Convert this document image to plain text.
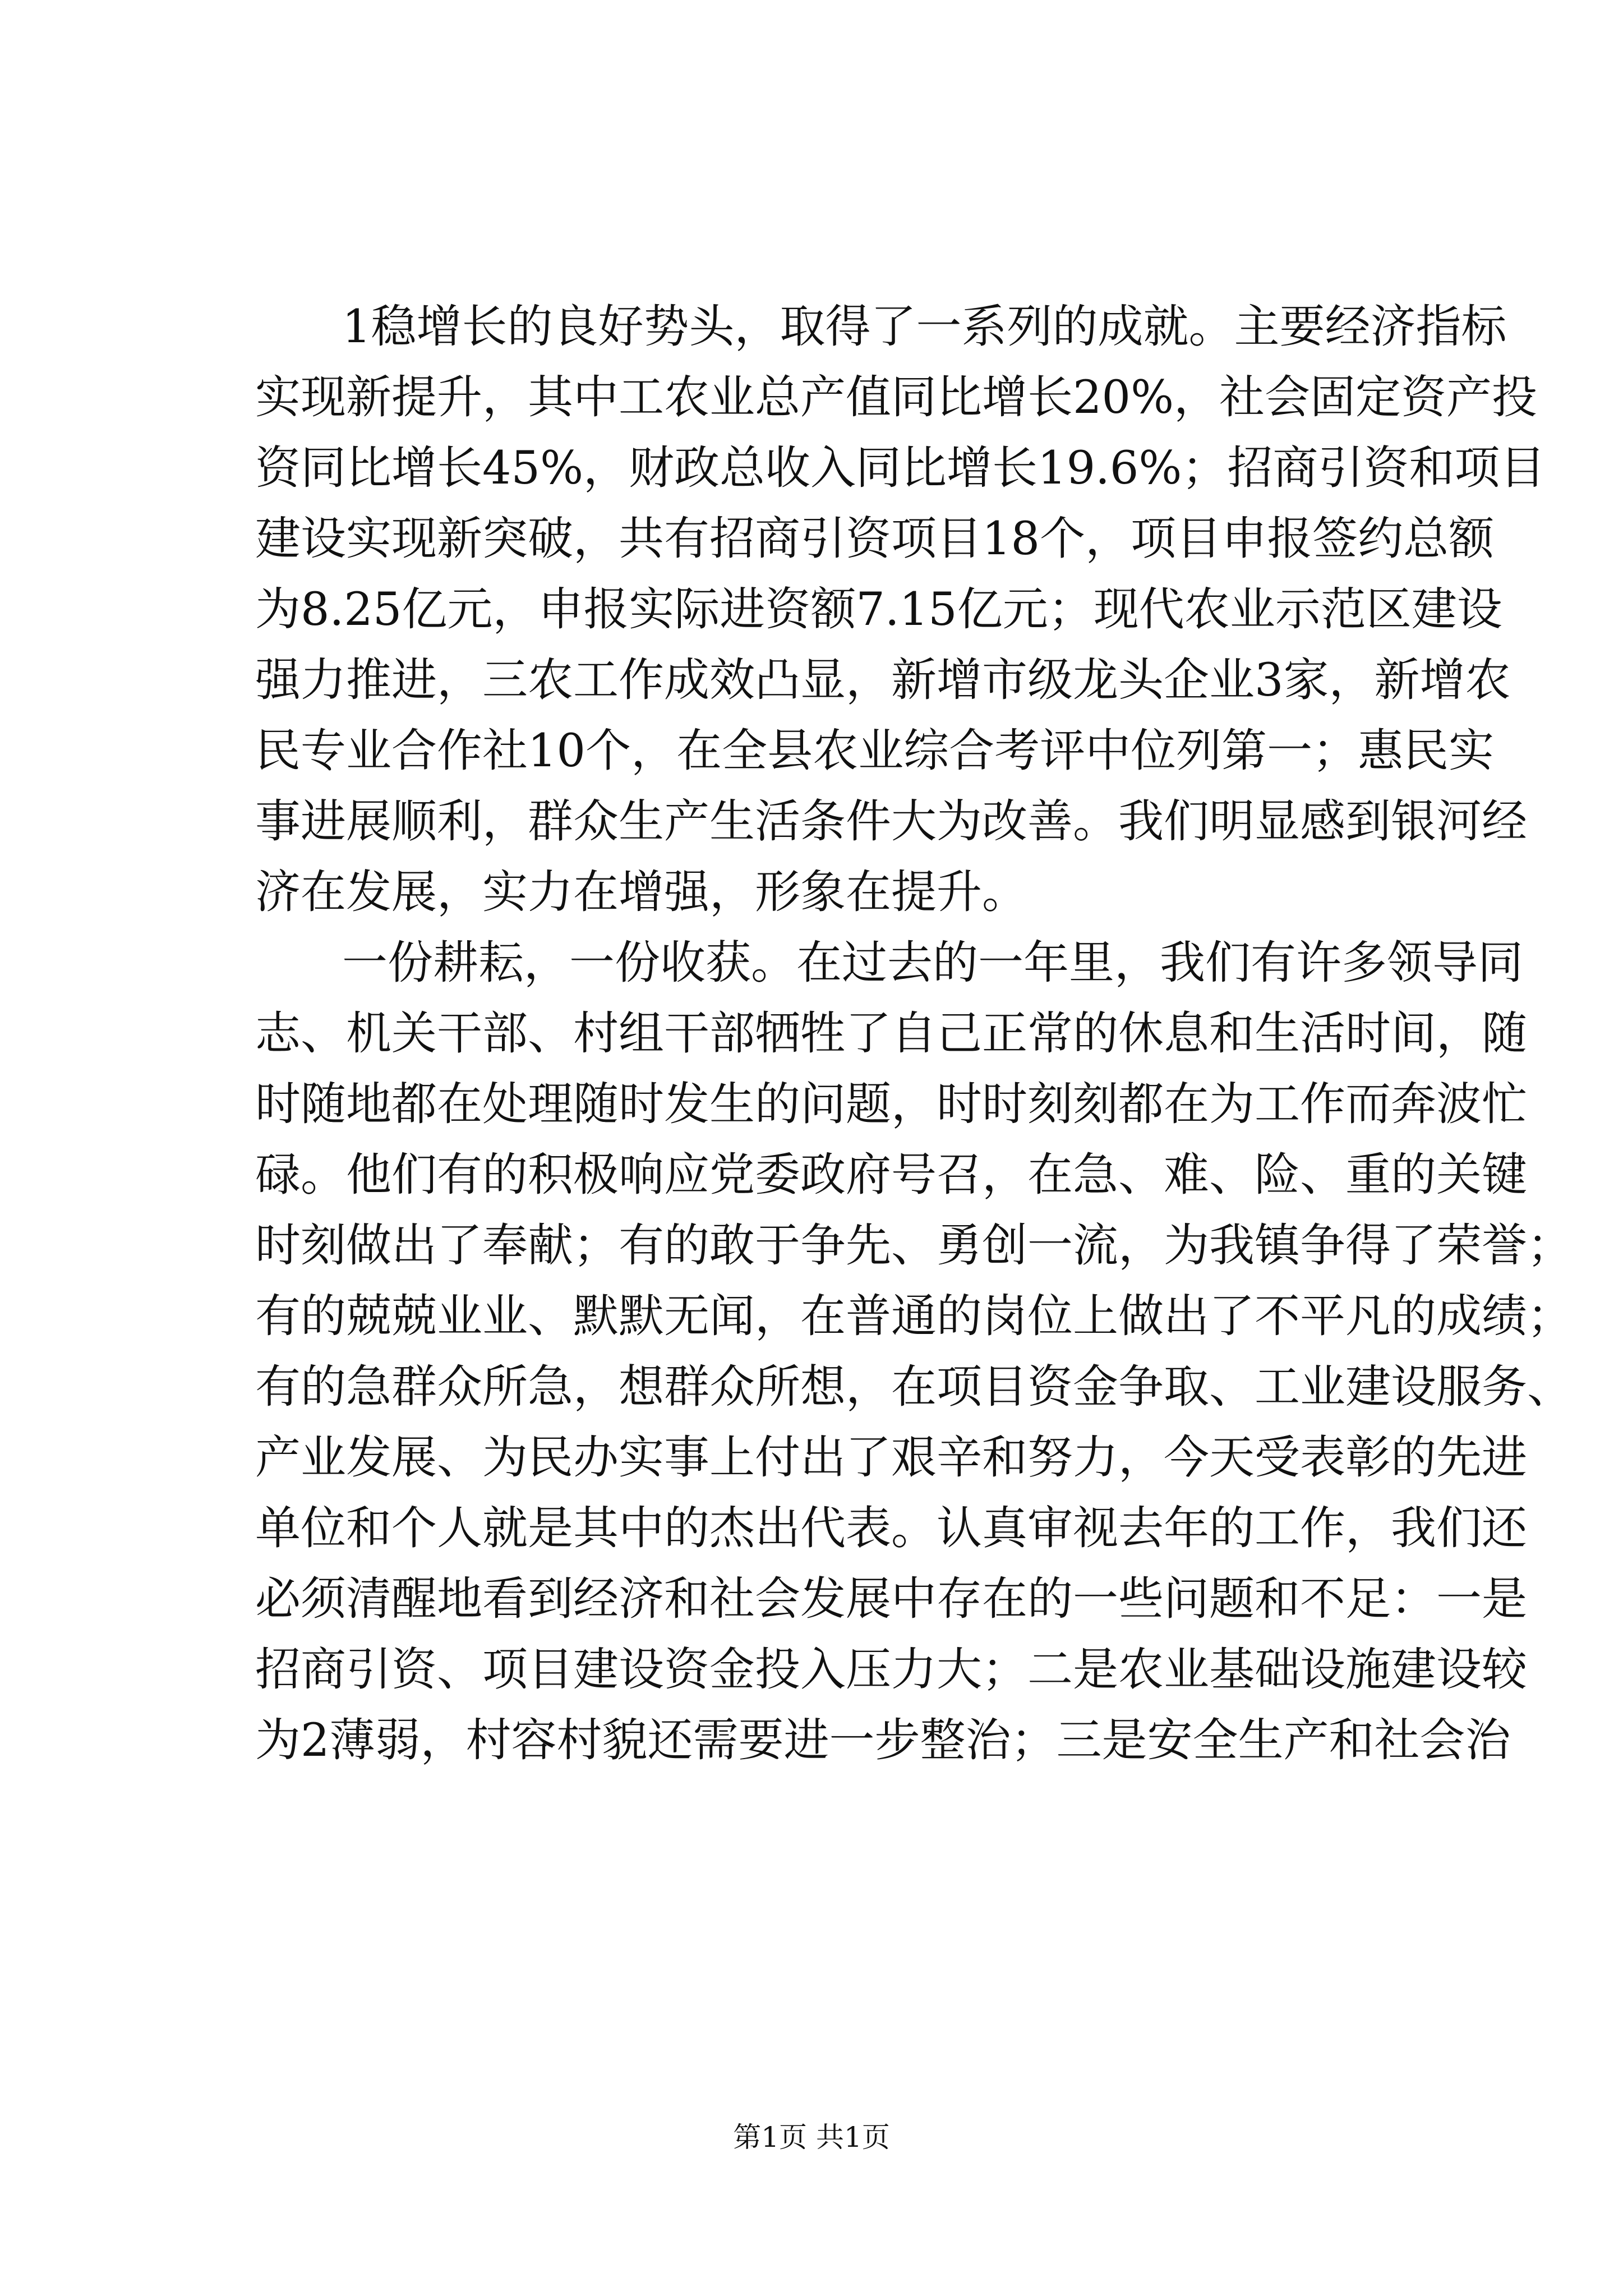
1稳增长的良好势头，取得了一系列的成就。主要经济指标
实现新提升，其中工农业总产值同比增长20%，社会固定资产投
资同比增长45%，财政总收入同比增长19.6%；招商引资和项目
建设实现新突破，共有招商引资项目18个，项目申报签约总额
为8.25亿元，申报实际进资额7.15亿元；现代农业示范区建设
强力推进，三农工作成效凸显，新增市级龙头企业3家，新增农
民专业合作社10个，在全县农业综合考评中位列第一；惠民实
事进展顺利，群众生产生活条件大为改善。我们明显感到银河经
济在发展，实力在增强，形象在提升。
一份耕耘，一份收获。在过去的一年里，我们有许多领导同
志、机关干部、村组干部牺牲了自己正常的休息和生活时间，随
时随地都在处理随时发生的问题，时时刻刻都在为工作而奔波忙
碌。他们有的积极响应党委政府号召，在急、难、险、重的关键
时刻做出了奉献；有的敢于争先、勇创一流，为我镇争得了荣誉；
有的兢兢业业、默默无闻，在普通的岗位上做出了不平凡的成绩；
有的急群众所急，想群众所想，在项目资金争取、工业建设服务、
产业发展、为民办实事上付出了艰辛和努力，今天受表彰的先进
单位和个人就是其中的杰出代表。认真审视去年的工作，我们还
必须清醒地看到经济和社会发展中存在的一些问题和不足：一是
招商引资、项目建设资金投入压力大；二是农业基础设施建设较
为2薄弱，村容村貌还需要进一步整治；三是安全生产和社会治
第1页 共1页
